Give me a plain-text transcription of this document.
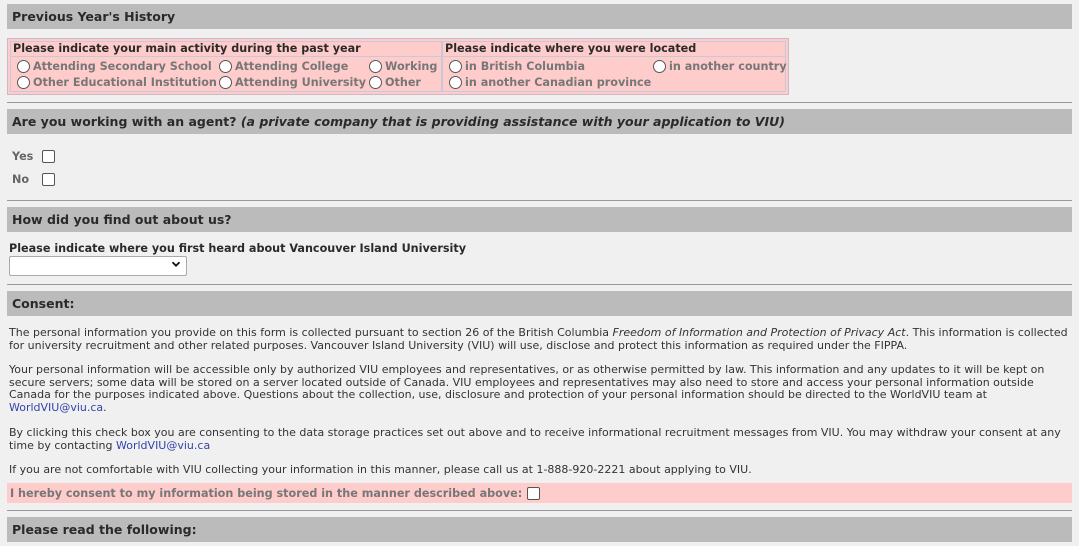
Previous Year's History
Please indicate your main activity during the past year
Attending Secondary School Attending College	Working
Other Educational Institution Attending University Other
Please indicate where you were located
in British Columbia	in another country
in another Canadian province
Are you working with an agent? (a private company that is providing assistance with your application to VIU)
Yes
No
How did you find out about us?
Please indicate where you first heard about Vancouver Island University
Consent:

The personal information you provide on this form is collected pursuant to section 26 of the British Columbia Freedom of Information and Protection of Privacy Act. This information is collected for university recruitment and other related purposes. Vancouver Island University (VIU) will use, disclose and protect this information as required under the FIPPA.

Your personal information will be accessible only by authorized VIU employees and representatives, or as otherwise permitted by law. This information and any updates to it will be kept on secure servers; some data will be stored on a server located outside of Canada. VIU employees and representatives may also need to store and access your personal information outside Canada for the purposes indicated above. Questions about the collection, use, disclosure and protection of your personal information should be directed to the WorldVIU team at WorldVIU@viu.ca.

By clicking this check box you are consenting to the data storage practices set out above and to receive informational recruitment messages from VIU. You may withdraw your consent at any time by contacting WorldVIU@viu.ca

If you are not comfortable with VIU collecting your information in this manner, please call us at 1-888-920-2221 about applying to VIU.

I hereby consent to my information being stored in the manner described above:
Please read the following:
